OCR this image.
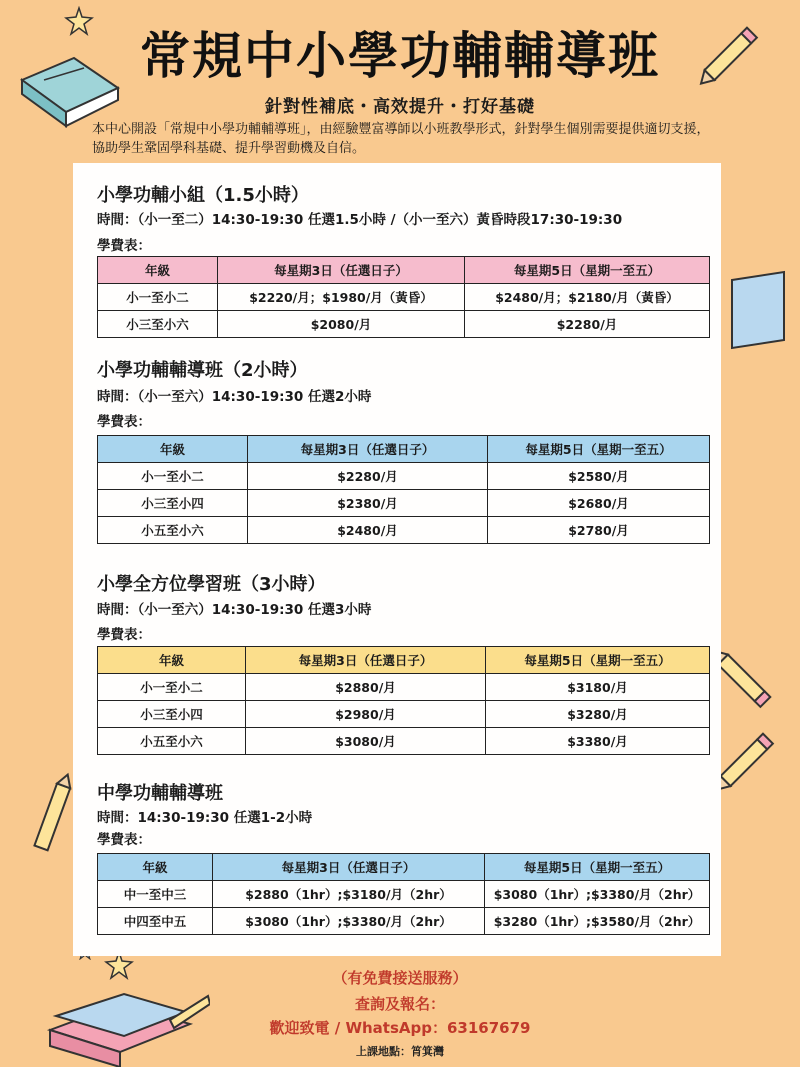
常規中小學功輔輔導班
針對性補底・高效提升・打好基礎
本中心開設「常規中小學功輔輔導班」，由經驗豐富導師以小班教學形式，針對學生個別需要提供適切支援，協助學生鞏固學科基礎、提升學習動機及自信。
小學功輔小組（1.5小時）
時間：（小一至二）14:30-19:30 任選1.5小時 /（小一至六）黃昏時段17:30-19:30
學費表：
年級	每星期3日（任選日子）	每星期5日（星期一至五）
小一至小二	$2220/月；$1980/月（黃昏）	$2480/月；$2180/月（黃昏）
小三至小六	$2080/月	$2280/月
小學功輔輔導班（2小時）
時間：（小一至六）14:30-19:30 任選2小時
學費表：
年級	每星期3日（任選日子）	每星期5日（星期一至五）
小一至小二	$2280/月	$2580/月
小三至小四	$2380/月	$2680/月
小五至小六	$2480/月	$2780/月
小學全方位學習班（3小時）
時間：（小一至六）14:30-19:30 任選3小時
學費表：
年級	每星期3日（任選日子）	每星期5日（星期一至五）
小一至小二	$2880/月	$3180/月
小三至小四	$2980/月	$3280/月
小五至小六	$3080/月	$3380/月
中學功輔輔導班
時間：14:30-19:30 任選1-2小時
學費表：
年級	每星期3日（任選日子）	每星期5日（星期一至五）
中一至中三	$2880（1hr）;$3180/月（2hr）	$3080（1hr）;$3380/月（2hr）
中四至中五	$3080（1hr）;$3380/月（2hr）	$3280（1hr）;$3580/月（2hr）
（有免費接送服務）
查詢及報名：
歡迎致電 / WhatsApp：63167679
上課地點：筲箕灣
